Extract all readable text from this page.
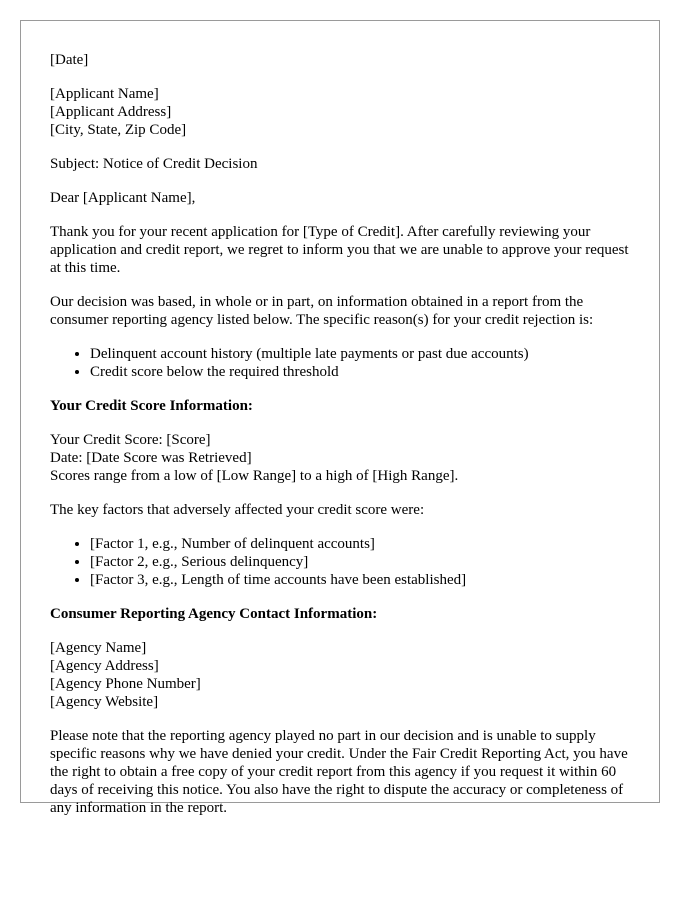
[Date]

[Applicant Name]
[Applicant Address]
[City, State, Zip Code]

Subject: Notice of Credit Decision

Dear [Applicant Name],

Thank you for your recent application for [Type of Credit]. After carefully reviewing your application and credit report, we regret to inform you that we are unable to approve your request at this time.

Our decision was based, in whole or in part, on information obtained in a report from the consumer reporting agency listed below. The specific reason(s) for your credit rejection is:

• Delinquent account history (multiple late payments or past due accounts)
• Credit score below the required threshold

Your Credit Score Information:

Your Credit Score: [Score]
Date: [Date Score was Retrieved]
Scores range from a low of [Low Range] to a high of [High Range].

The key factors that adversely affected your credit score were:

• [Factor 1, e.g., Number of delinquent accounts]
• [Factor 2, e.g., Serious delinquency]
• [Factor 3, e.g., Length of time accounts have been established]

Consumer Reporting Agency Contact Information:

[Agency Name]
[Agency Address]
[Agency Phone Number]
[Agency Website]

Please note that the reporting agency played no part in our decision and is unable to supply specific reasons why we have denied your credit. Under the Fair Credit Reporting Act, you have the right to obtain a free copy of your credit report from this agency if you request it within 60 days of receiving this notice. You also have the right to dispute the accuracy or completeness of any information in the report.
